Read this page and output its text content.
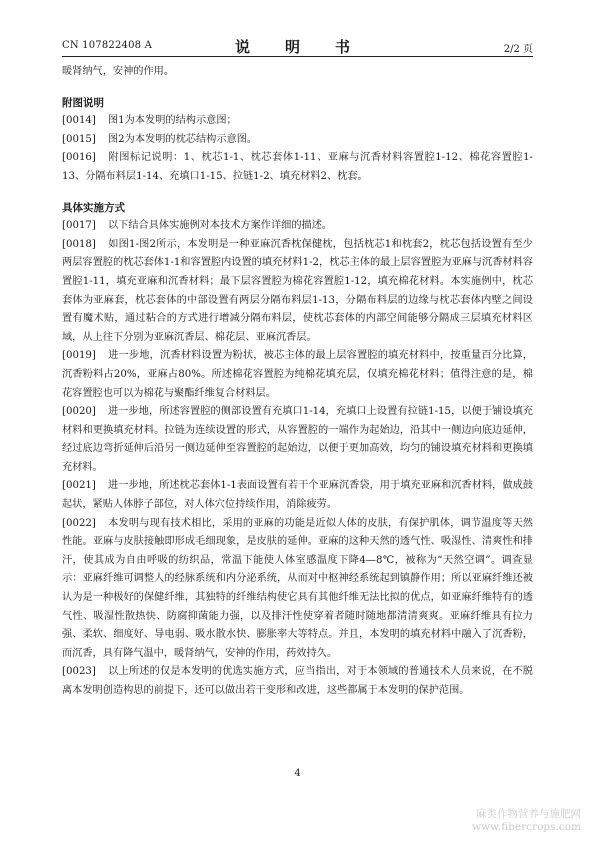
CN 107822408 A	说　明　书	2/2 页

暖肾纳气，安神的作用。

附图说明

[0014] 图1为本发明的结构示意图；

[0015] 图2为本发明的枕芯结构示意图。

[0016] 附图标记说明：1、枕芯1-1、枕芯套体1-11、亚麻与沉香材料容置腔1-12、棉花容置腔1-13、分隔布料层1-14、充填口1-15、拉链1-2、填充材料2、枕套。

具体实施方式

[0017] 以下结合具体实施例对本技术方案作详细的描述。

[0018] 如图1-图2所示，本发明是一种亚麻沉香枕保健枕，包括枕芯1和枕套2，枕芯包括设置有至少两层容置腔的枕芯套体1-1和容置腔内设置的填充材料1-2，枕芯主体的最上层容置腔为亚麻与沉香材料容置腔1-11，填充亚麻和沉香材料；最下层容置腔为棉花容置腔1-12，填充棉花材料。本实施例中，枕芯套体为亚麻套，枕芯套体的中部设置有两层分隔布料层1-13，分隔布料层的边缘与枕芯套体内壁之间设置有魔术贴，通过粘合的方式进行增减分隔布料层，使枕芯套体的内部空间能够分隔成三层填充材料区域，从上往下分别为亚麻沉香层、棉花层、亚麻沉香层。

[0019] 进一步地，沉香材料设置为粉状，被芯主体的最上层容置腔的填充材料中，按重量百分比算，沉香粉料占20%，亚麻占80%。所述棉花容置腔为纯棉花填充层，仅填充棉花材料；值得注意的是，棉花容置腔也可以为棉花与聚酯纤维复合材料层。

[0020] 进一步地，所述容置腔的侧部设置有充填口1-14，充填口上设置有拉链1-15，以便于铺设填充材料和更换填充材料。拉链为连续设置的形式，从容置腔的一端作为起始边，沿其中一侧边向底边延伸，经过底边弯折延伸后沿另一侧边延伸至容置腔的起始边，以便于更加高效，均匀的铺设填充材料和更换填充材料。

[0021] 进一步地，所述枕芯套体1-1表面设置有若干个亚麻沉香袋，用于填充亚麻和沉香材料，做成鼓起状，紧贴人体脖子部位，对人体穴位持续作用，消除疲劳。

[0022] 本发明与现有技术相比，采用的亚麻的功能是近似人体的皮肤，有保护肌体，调节温度等天然性能。亚麻与皮肤接触即形成毛细现象，是皮肤的延伸。亚麻的这种天然的透气性、吸湿性、清爽性和排汗，使其成为自由呼吸的纺织品，常温下能使人体室感温度下降4—8℃，被称为“天然空调”。调查显示：亚麻纤维可调整人的经脉系统和内分泌系统，从而对中枢神经系统起到镇静作用；所以亚麻纤维还被认为是一种极好的保健纤维，其独特的纤维结构使它具有其他纤维无法比拟的优点，如亚麻纤维特有的透气性、吸湿性散热快、防腐抑菌能力强，以及排汗性使穿着者随时随地都清清爽爽。亚麻纤维具有拉力强、柔软、细度好、导电弱、吸水散水快、膨胀率大等特点。并且，本发明的填充材料中融入了沉香粉，而沉香，具有降气温中，暖肾纳气，安神的作用，药效持久。

[0023] 以上所述的仅是本发明的优选实施方式，应当指出，对于本领域的普通技术人员来说，在不脱离本发明创造构思的前提下，还可以做出若干变形和改进，这些都属于本发明的保护范围。

4
麻类作物营养与施肥网
www.fibercrops.com
